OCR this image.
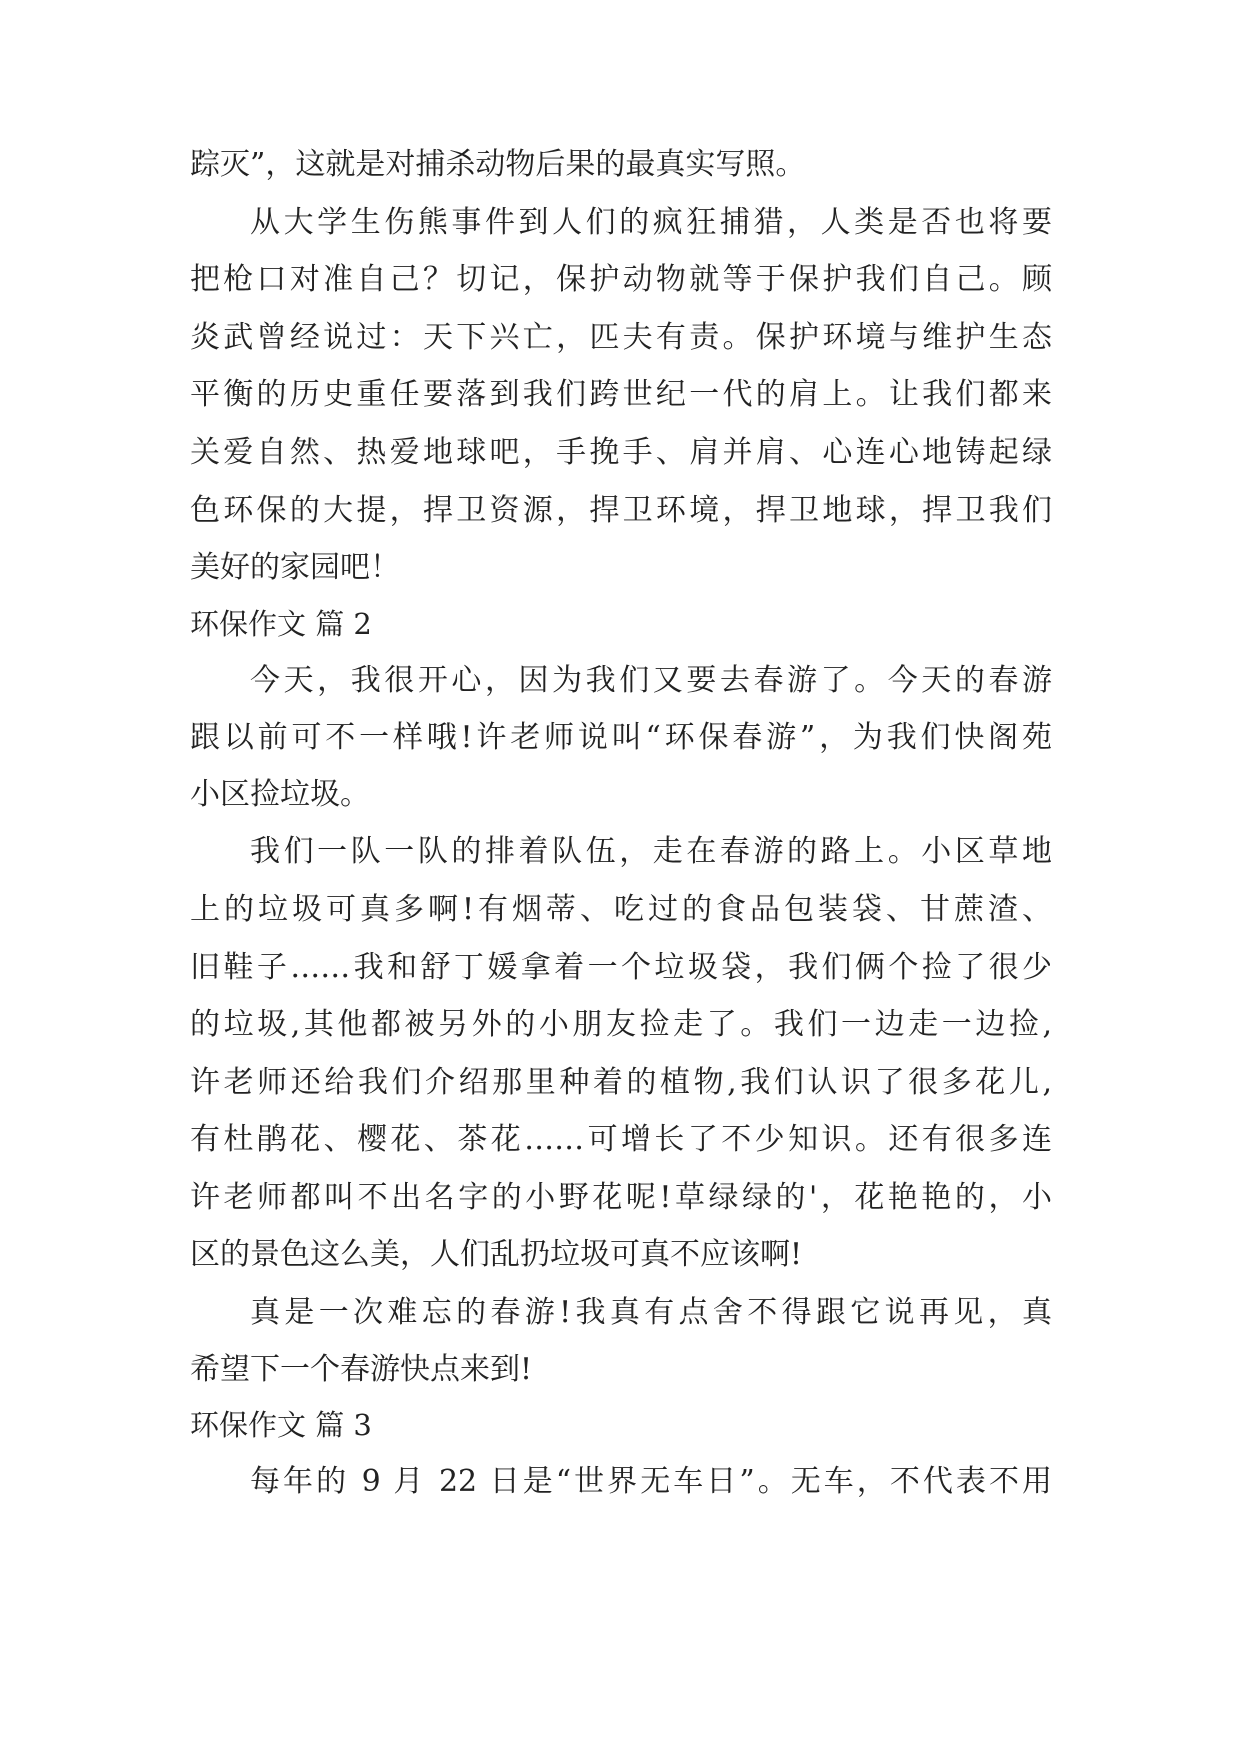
踪灭”，这就是对捕杀动物后果的最真实写照。
从大学生伤熊事件到人们的疯狂捕猎，人类是否也将要
把枪口对准自己？切记，保护动物就等于保护我们自己。顾
炎武曾经说过：天下兴亡，匹夫有责。保护环境与维护生态
平衡的历史重任要落到我们跨世纪一代的肩上。让我们都来
关爱自然、热爱地球吧，手挽手、肩并肩、心连心地铸起绿
色环保的大提，捍卫资源，捍卫环境，捍卫地球，捍卫我们
美好的家园吧！
环保作文 篇 2
今天，我很开心，因为我们又要去春游了。今天的春游
跟以前可不一样哦!许老师说叫“环保春游”，为我们快阁苑
小区捡垃圾。
我们一队一队的排着队伍，走在春游的路上。小区草地
上的垃圾可真多啊!有烟蒂、吃过的食品包装袋、甘蔗渣、
旧鞋子……我和舒丁媛拿着一个垃圾袋，我们俩个捡了很少
的垃圾,其他都被另外的小朋友捡走了。我们一边走一边捡,
许老师还给我们介绍那里种着的植物,我们认识了很多花儿,
有杜鹃花、樱花、茶花……可增长了不少知识。还有很多连
许老师都叫不出名字的小野花呢!草绿绿的'，花艳艳的，小
区的景色这么美，人们乱扔垃圾可真不应该啊!
真是一次难忘的春游!我真有点舍不得跟它说再见，真
希望下一个春游快点来到!
环保作文 篇 3
每年的 9 月 22 日是“世界无车日”。无车，不代表不用
